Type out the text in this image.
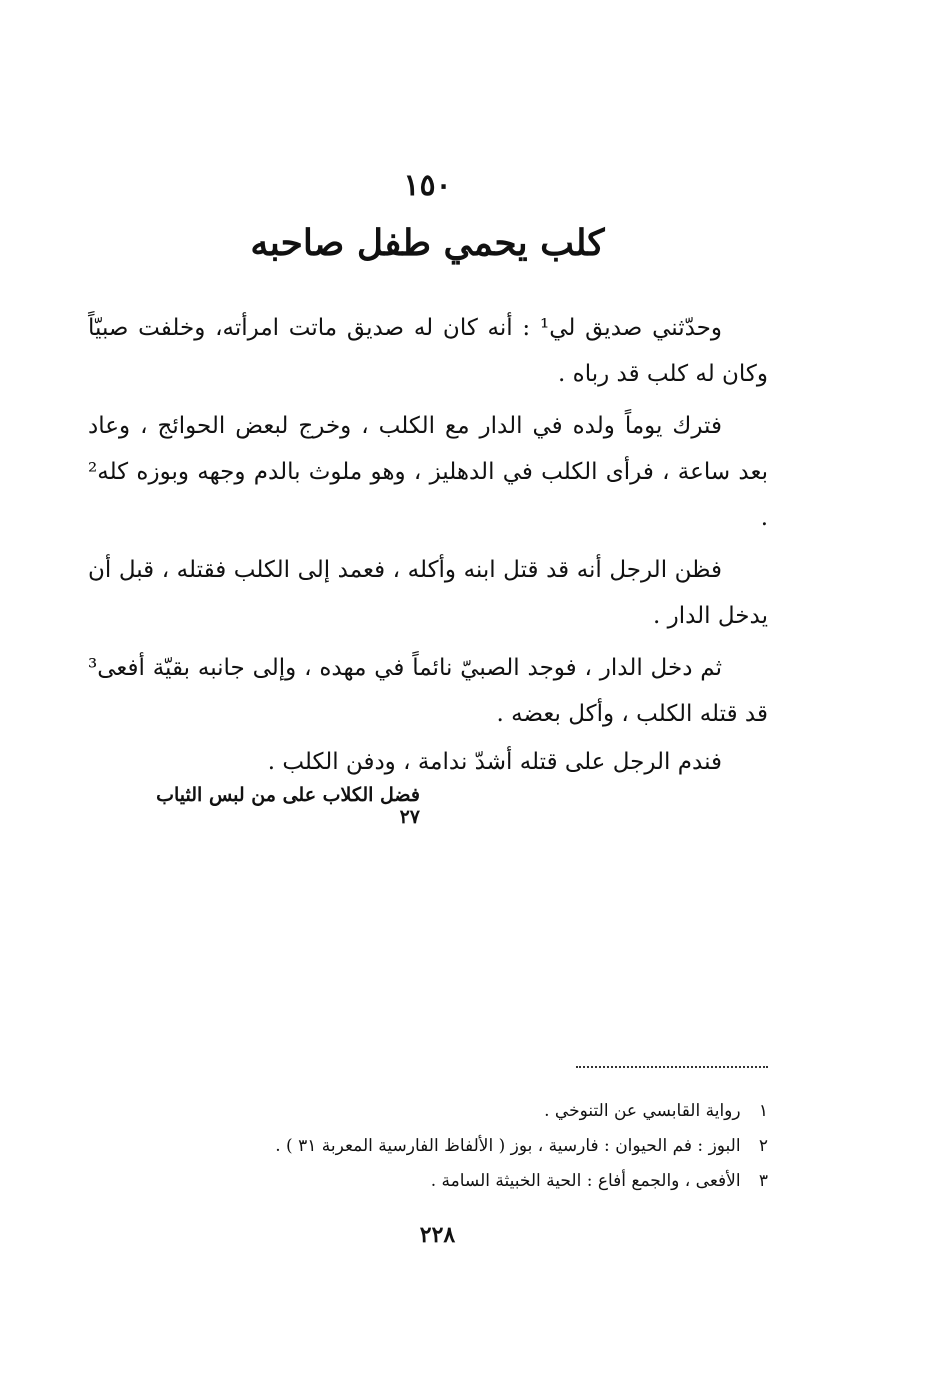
١٥٠
كلب يحمي طفل صاحبه

وحدّثني صديق لي¹ : أنه كان له صديق ماتت امرأته، وخلفت صبيّاً وكان له كلب قد رباه .

فترك يوماً ولده في الدار مع الكلب ، وخرج لبعض الحوائج ، وعاد بعد ساعة ، فرأى الكلب في الدهليز ، وهو ملوث بالدم وجهه وبوزه كله² .

فظن الرجل أنه قد قتل ابنه وأكله ، فعمد إلى الكلب فقتله ، قبل أن يدخل الدار .

ثم دخل الدار ، فوجد الصبيّ نائماً في مهده ، وإلى جانبه بقيّة أفعى³ قد قتله الكلب ، وأكل بعضه .

فندم الرجل على قتله أشدّ ندامة ، ودفن الكلب .

فضل الكلاب على من لبس الثياب ٢٧
١ رواية القابسي عن التنوخي .
٢ البوز : فم الحيوان : فارسية ، بوز ( الألفاظ الفارسية المعربة ٣١ ) .
٣ الأفعى ، والجمع أفاع : الحية الخبيثة السامة .
٢٢٨
